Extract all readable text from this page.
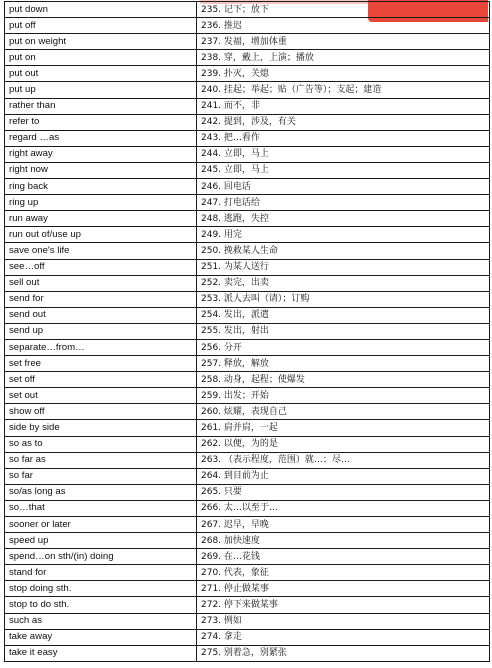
put down	235. 记下；放下
put off	236. 推迟
put on weight	237. 发福，增加体重
put on	238. 穿，戴上，上演；播放
put out	239. 扑灭，关熄
put up	240. 挂起；举起；贴（广告等）；支起；建造
rather than	241. 而不，非
refer to	242. 提到，涉及，有关
regard …as	243. 把…看作
right away	244. 立即，马上
right now	245. 立即，马上
ring back	246. 回电话
ring up	247. 打电话给
run away	248. 逃跑，失控
run out of/use up	249. 用完
save one's life	250. 挽救某人生命
see…off	251. 为某人送行
sell out	252. 卖完，出卖
send for	253. 派人去叫（请）；订购
send out	254. 发出，派遣
send up	255. 发出，射出
separate…from…	256. 分开
set free	257. 释放，解放
set off	258. 动身，起程；使爆发
set out	259. 出发；开始
show off	260. 炫耀，表现自己
side by side	261. 肩并肩，一起
so as to	262. 以便，为的是
so far as	263. （表示程度，范围）就…；尽…
so far	264. 到目前为止
so/as long as	265. 只要
so…that	266. 太…以至于…
sooner or later	267. 迟早，早晚
speed up	268. 加快速度
spend…on sth/(in) doing	269. 在…花钱
stand for	270. 代表，象征
stop doing sth.	271. 停止做某事
stop to do sth.	272. 停下来做某事
such as	273. 例如
take away	274. 拿走
take it easy	275. 别着急，别紧张
